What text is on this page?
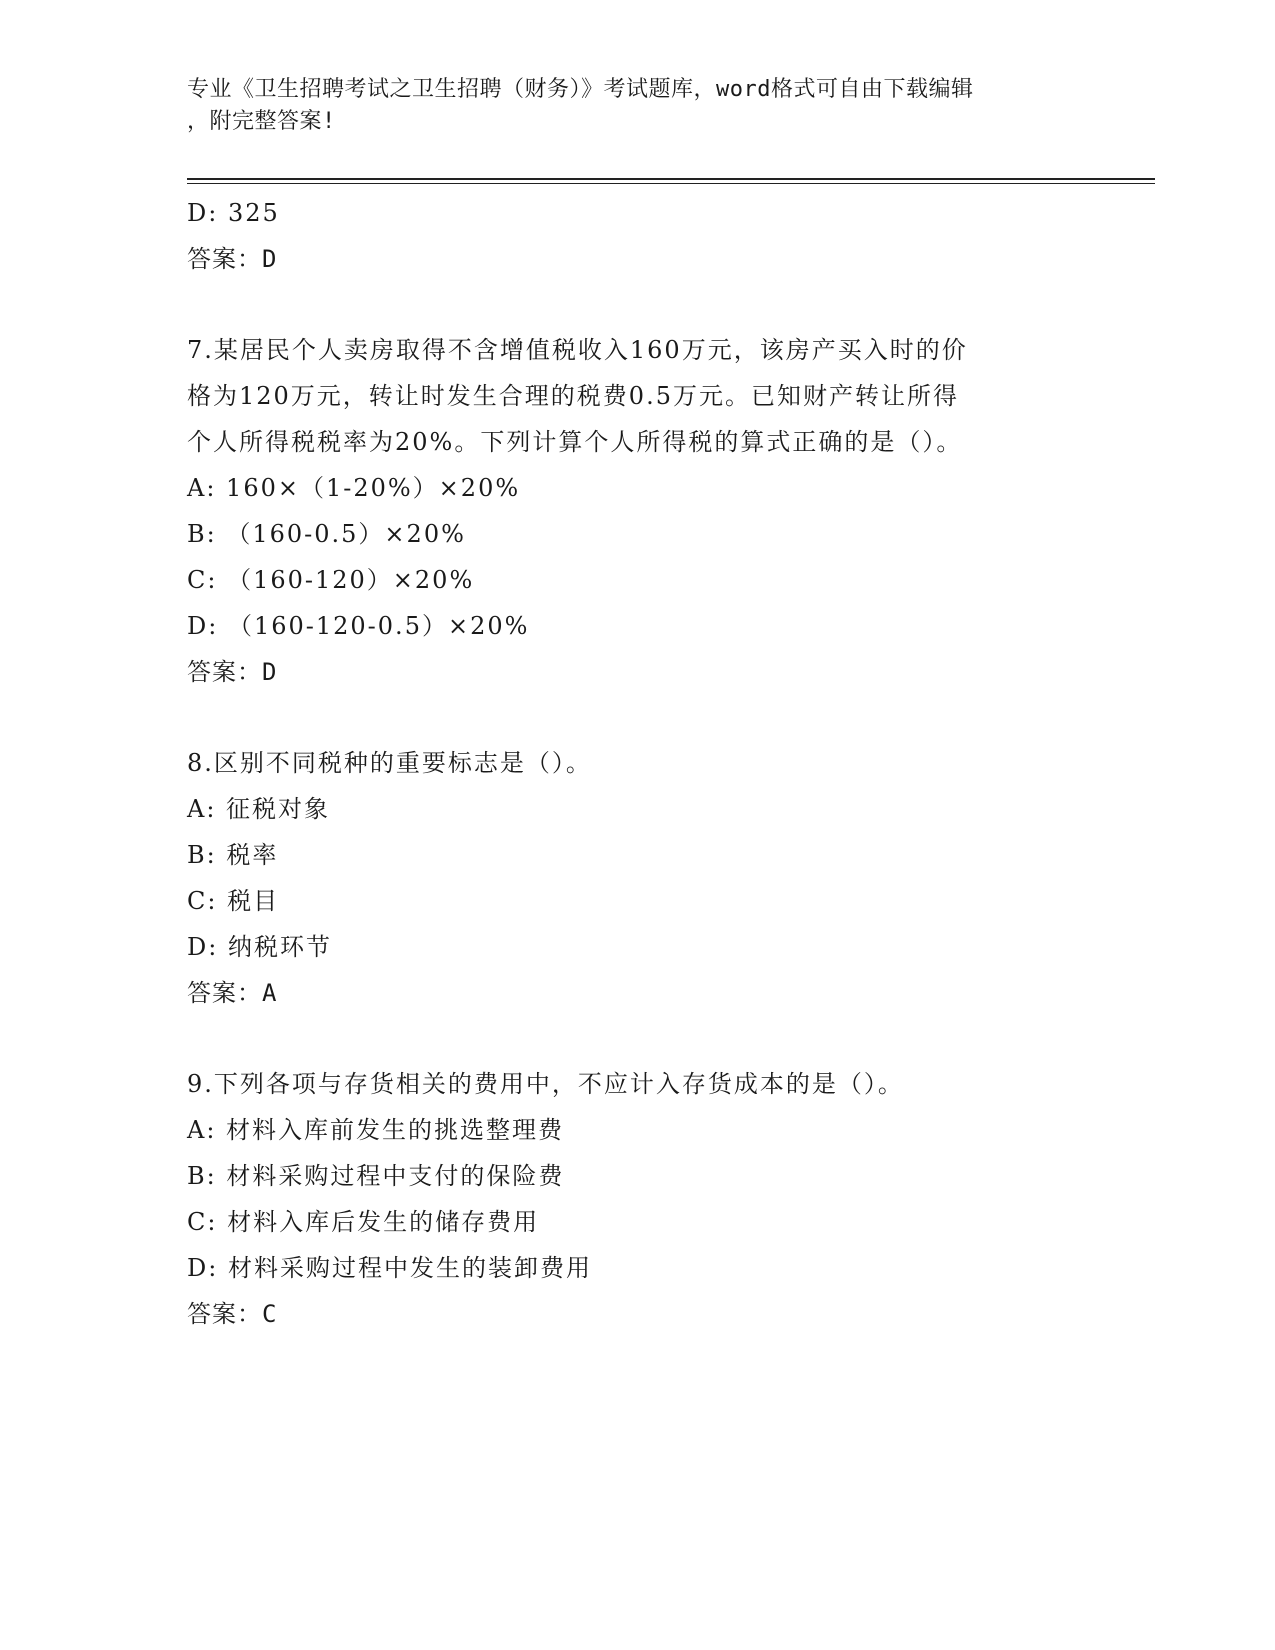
专业《卫生招聘考试之卫生招聘（财务）》考试题库，word格式可自由下载编辑
，附完整答案!
D: 325
答案：D
7.某居民个人卖房取得不含增值税收入160万元，该房产买入时的价
格为120万元，转让时发生合理的税费0.5万元。已知财产转让所得
个人所得税税率为20%。下列计算个人所得税的算式正确的是（）。
A: 160×（1-20%）×20%
B: （160-0.5）×20%
C: （160-120）×20%
D: （160-120-0.5）×20%
答案：D
8.区别不同税种的重要标志是（）。
A: 征税对象
B: 税率
C: 税目
D: 纳税环节
答案：A
9.下列各项与存货相关的费用中，不应计入存货成本的是（）。
A: 材料入库前发生的挑选整理费
B: 材料采购过程中支付的保险费
C: 材料入库后发生的储存费用
D: 材料采购过程中发生的装卸费用
答案：C
